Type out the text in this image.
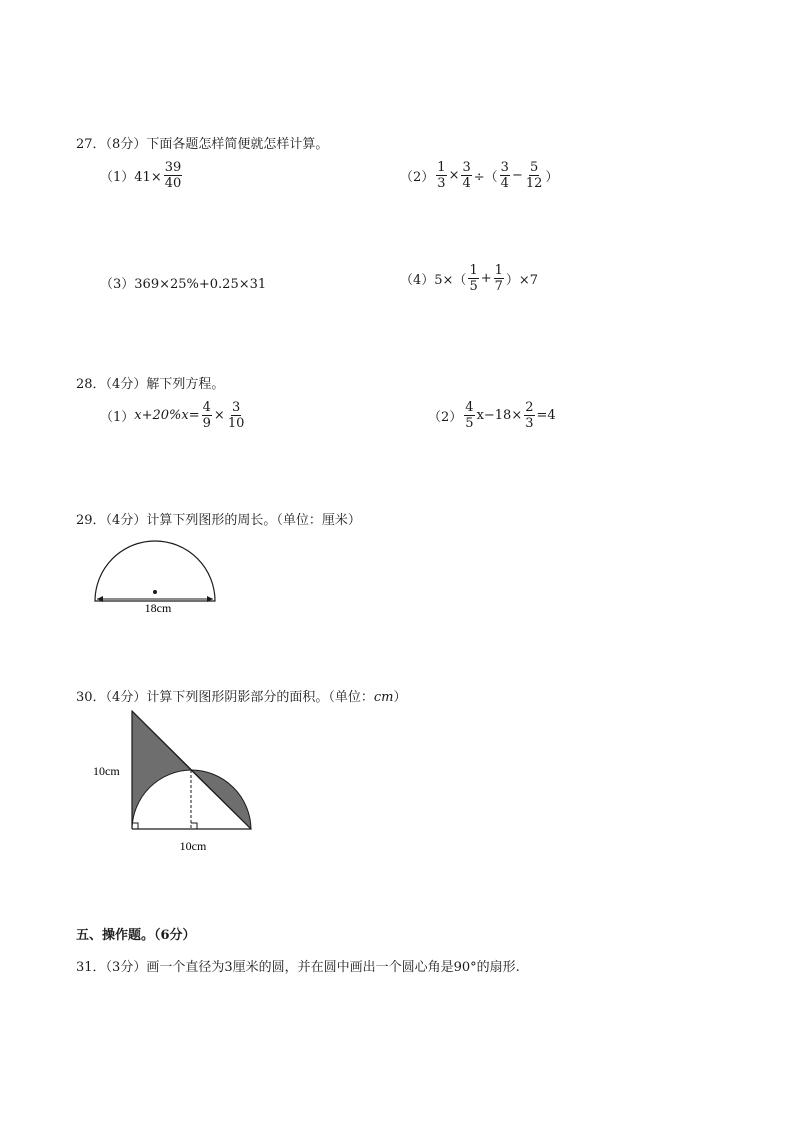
27．（8分）下面各题怎样简便就怎样计算。
$(1)41\times \frac{39}{40}$	$(2) \frac{1}{3} \times \frac{3}{4}$ ÷（ $\frac{3}{4} - \frac{5}{12}$ ）
（3）369×25%+0.25×31	$(4)5\times( \frac{1}{5} + \frac{1}{7} )\times 7$
28．（4分）解下列方程。
（1） $x+20\%x= \frac{4}{9} \times \frac{3}{10}$	$(2) \frac{4}{5} x-18\times \frac{2}{3} =4$
29．（4分）计算下列图形的周长。（单位：厘米）
18cm
30．（4分）计算下列图形阴影部分的面积。（单位：cm）
10cm
10cm
五、操作题。（6分）
31．（3分）画一个直径为3厘米的圆，并在圆中画出一个圆心角是90°的扇形.
